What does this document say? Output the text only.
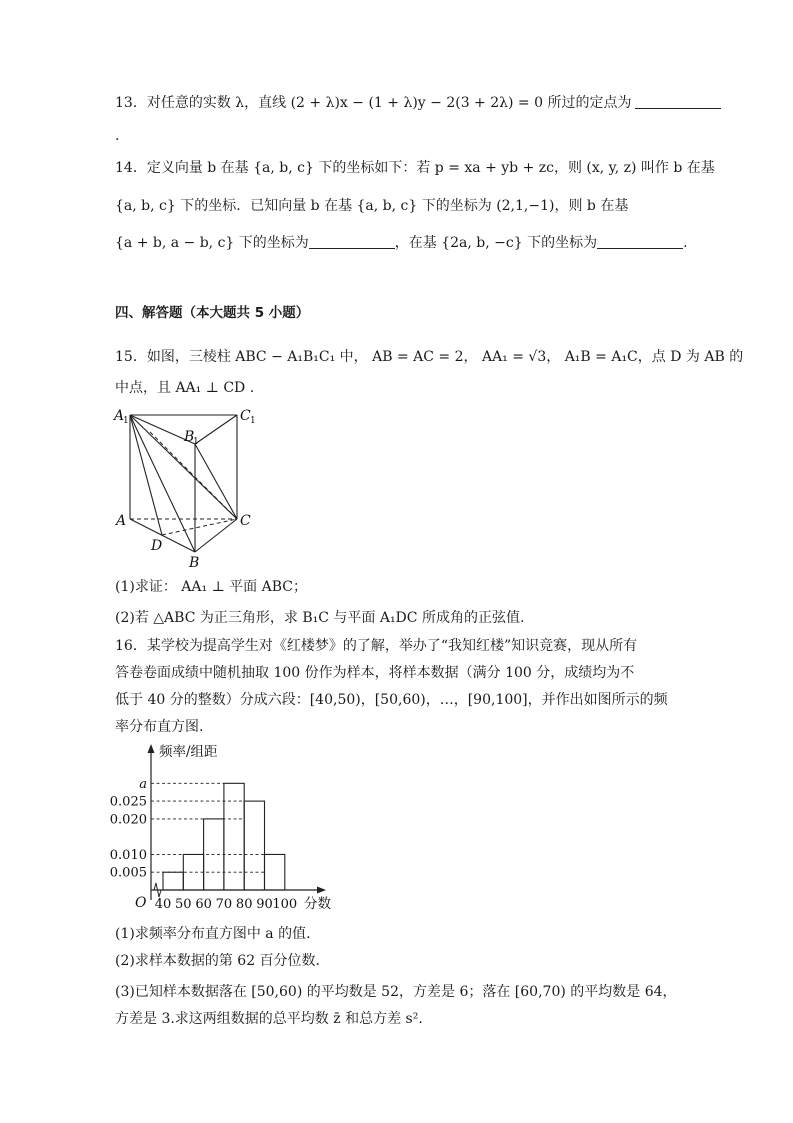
13．对任意的实数 λ，直线 (2 + λ)x − (1 + λ)y − 2(3 + 2λ) = 0 所过的定点为
.
14．定义向量 b 在基 {a, b, c} 下的坐标如下：若 p = xa + yb + zc，则 (x, y, z) 叫作 b 在基
{a, b, c} 下的坐标．已知向量 b 在基 {a, b, c} 下的坐标为 (2,1,−1)，则 b 在基
{a + b, a − b, c} 下的坐标为	，在基 {2a, b, −c} 下的坐标为	.
四、解答题（本大题共 5 小题）
15．如图，三棱柱 ABC − A₁B₁C₁ 中， AB = AC = 2， AA₁ = √3， A₁B = A₁C，点 D 为 AB 的
中点，且 AA₁ ⊥ CD .
A
1
B
1
C 1
A	C
D
B
(1)求证： AA₁ ⊥ 平面 ABC；
(2)若 △ABC 为正三角形，求 B₁C 与平面 A₁DC 所成角的正弦值.
16．某学校为提高学生对《红楼梦》的了解，举办了“我知红楼”知识竞赛，现从所有
答卷卷面成绩中随机抽取 100 份作为样本，将样本数据（满分 100 分，成绩均为不
低于 40 分的整数）分成六段：[40,50)，[50,60)，…，[90,100]，并作出如图所示的频
率分布直方图.
0.005
0.010
0.020
0.025
a
40 50 60 70 80 90 100
频率/组距
分数
O
(1)求频率分布直方图中 a 的值.
(2)求样本数据的第 62 百分位数.
(3)已知样本数据落在 [50,60) 的平均数是 52，方差是 6；落在 [60,70) 的平均数是 64，
方差是 3.求这两组数据的总平均数 z̄ 和总方差 s².
